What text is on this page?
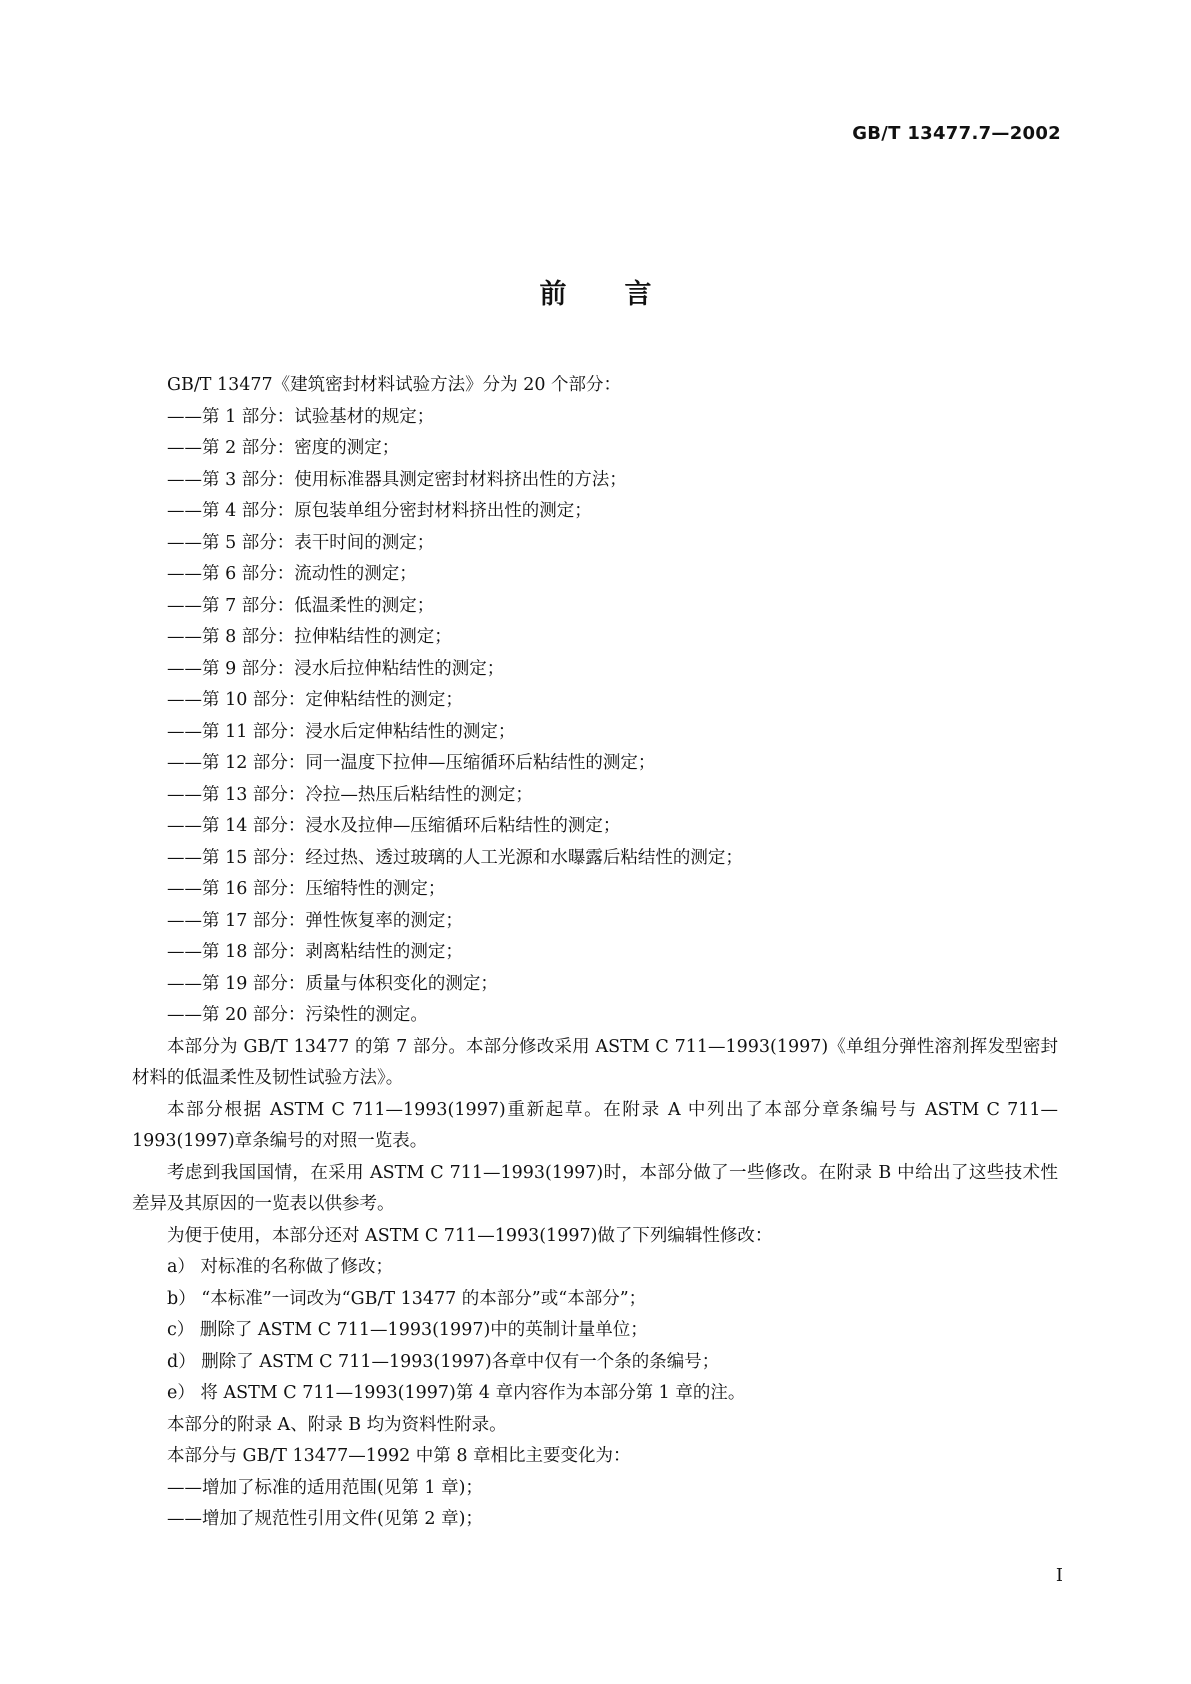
GB/T 13477.7—2002
前言

GB/T 13477《建筑密封材料试验方法》分为 20 个部分：

——第 1 部分：试验基材的规定；

——第 2 部分：密度的测定；

——第 3 部分：使用标准器具测定密封材料挤出性的方法；

——第 4 部分：原包装单组分密封材料挤出性的测定；

——第 5 部分：表干时间的测定；

——第 6 部分：流动性的测定；

——第 7 部分：低温柔性的测定；

——第 8 部分：拉伸粘结性的测定；

——第 9 部分：浸水后拉伸粘结性的测定；

——第 10 部分：定伸粘结性的测定；

——第 11 部分：浸水后定伸粘结性的测定；

——第 12 部分：同一温度下拉伸—压缩循环后粘结性的测定；

——第 13 部分：冷拉—热压后粘结性的测定；

——第 14 部分：浸水及拉伸—压缩循环后粘结性的测定；

——第 15 部分：经过热、透过玻璃的人工光源和水曝露后粘结性的测定；

——第 16 部分：压缩特性的测定；

——第 17 部分：弹性恢复率的测定；

——第 18 部分：剥离粘结性的测定；

——第 19 部分：质量与体积变化的测定；

——第 20 部分：污染性的测定。

本部分为 GB/T 13477 的第 7 部分。本部分修改采用 ASTM C 711—1993(1997)《单组分弹性溶剂挥发型密封材料的低温柔性及韧性试验方法》。

本部分根据 ASTM C 711—1993(1997)重新起草。在附录 A 中列出了本部分章条编号与 ASTM C 711—1993(1997)章条编号的对照一览表。

考虑到我国国情，在采用 ASTM C 711—1993(1997)时，本部分做了一些修改。在附录 B 中给出了这些技术性差异及其原因的一览表以供参考。

为便于使用，本部分还对 ASTM C 711—1993(1997)做了下列编辑性修改：

a） 对标准的名称做了修改；

b） “本标准”一词改为“GB/T 13477 的本部分”或“本部分”；

c） 删除了 ASTM C 711—1993(1997)中的英制计量单位；

d） 删除了 ASTM C 711—1993(1997)各章中仅有一个条的条编号；

e） 将 ASTM C 711—1993(1997)第 4 章内容作为本部分第 1 章的注。

本部分的附录 A、附录 B 均为资料性附录。

本部分与 GB/T 13477—1992 中第 8 章相比主要变化为：

——增加了标准的适用范围(见第 1 章)；

——增加了规范性引用文件(见第 2 章)；

I
